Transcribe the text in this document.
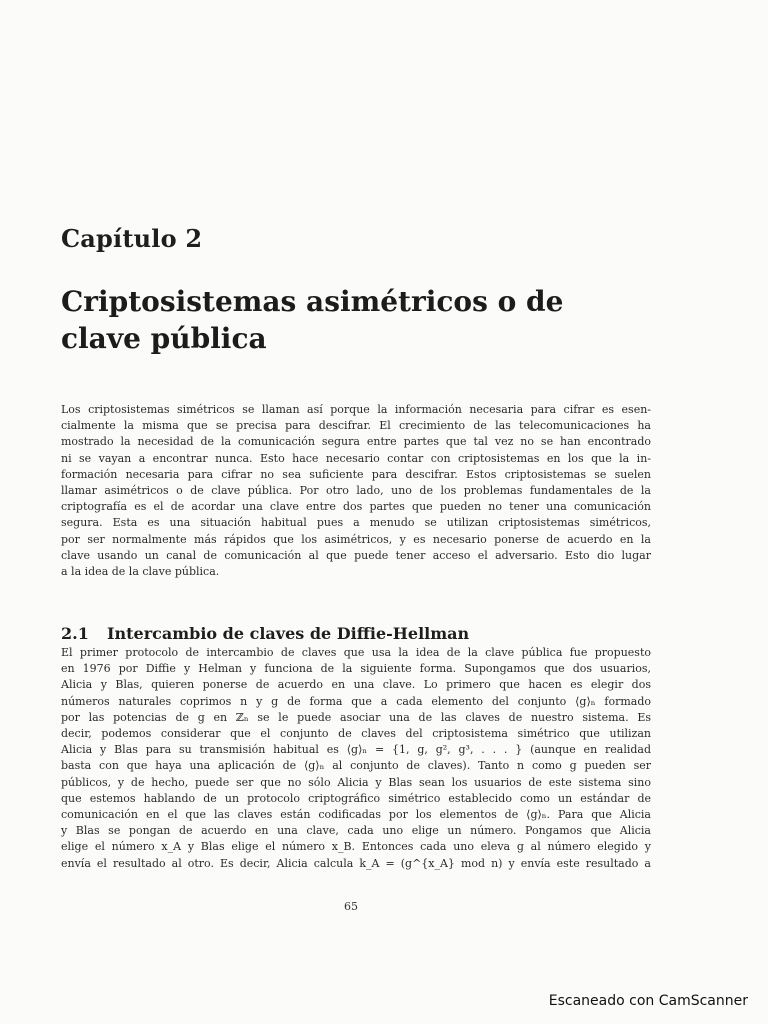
Capítulo 2
Criptosistemas asimétricos o de
clave pública

Los criptosistemas simétricos se llaman así porque la información necesaria para cifrar es esen-
cialmente la misma que se precisa para descifrar. El crecimiento de las telecomunicaciones ha
mostrado la necesidad de la comunicación segura entre partes que tal vez no se han encontrado
ni se vayan a encontrar nunca. Esto hace necesario contar con criptosistemas en los que la in-
formación necesaria para cifrar no sea suficiente para descifrar. Estos criptosistemas se suelen
llamar asimétricos o de clave pública. Por otro lado, uno de los problemas fundamentales de la
criptografía es el de acordar una clave entre dos partes que pueden no tener una comunicación
segura. Esta es una situación habitual pues a menudo se utilizan criptosistemas simétricos,
por ser normalmente más rápidos que los asimétricos, y es necesario ponerse de acuerdo en la
clave usando un canal de comunicación al que puede tener acceso el adversario. Esto dio lugar
a la idea de la clave pública.

2.1 Intercambio de claves de Diffie-Hellman

El primer protocolo de intercambio de claves que usa la idea de la clave pública fue propuesto
en 1976 por Diffie y Helman y funciona de la siguiente forma. Supongamos que dos usuarios,
Alicia y Blas, quieren ponerse de acuerdo en una clave. Lo primero que hacen es elegir dos
números naturales coprimos n y g de forma que a cada elemento del conjunto ⟨g⟩ₙ formado
por las potencias de g en ℤₙ se le puede asociar una de las claves de nuestro sistema. Es
decir, podemos considerar que el conjunto de claves del criptosistema simétrico que utilizan
Alicia y Blas para su transmisión habitual es ⟨g⟩ₙ = {1, g, g², g³, . . . } (aunque en realidad
basta con que haya una aplicación de ⟨g⟩ₙ al conjunto de claves). Tanto n como g pueden ser
públicos, y de hecho, puede ser que no sólo Alicia y Blas sean los usuarios de este sistema sino
que estemos hablando de un protocolo criptográfico simétrico establecido como un estándar de
comunicación en el que las claves están codificadas por los elementos de ⟨g⟩ₙ. Para que Alicia
y Blas se pongan de acuerdo en una clave, cada uno elige un número. Pongamos que Alicia
elige el número x_A y Blas elige el número x_B. Entonces cada uno eleva g al número elegido y
envía el resultado al otro. Es decir, Alicia calcula k_A = (g^{x_A} mod n) y envía este resultado a

65
Escaneado con CamScanner
